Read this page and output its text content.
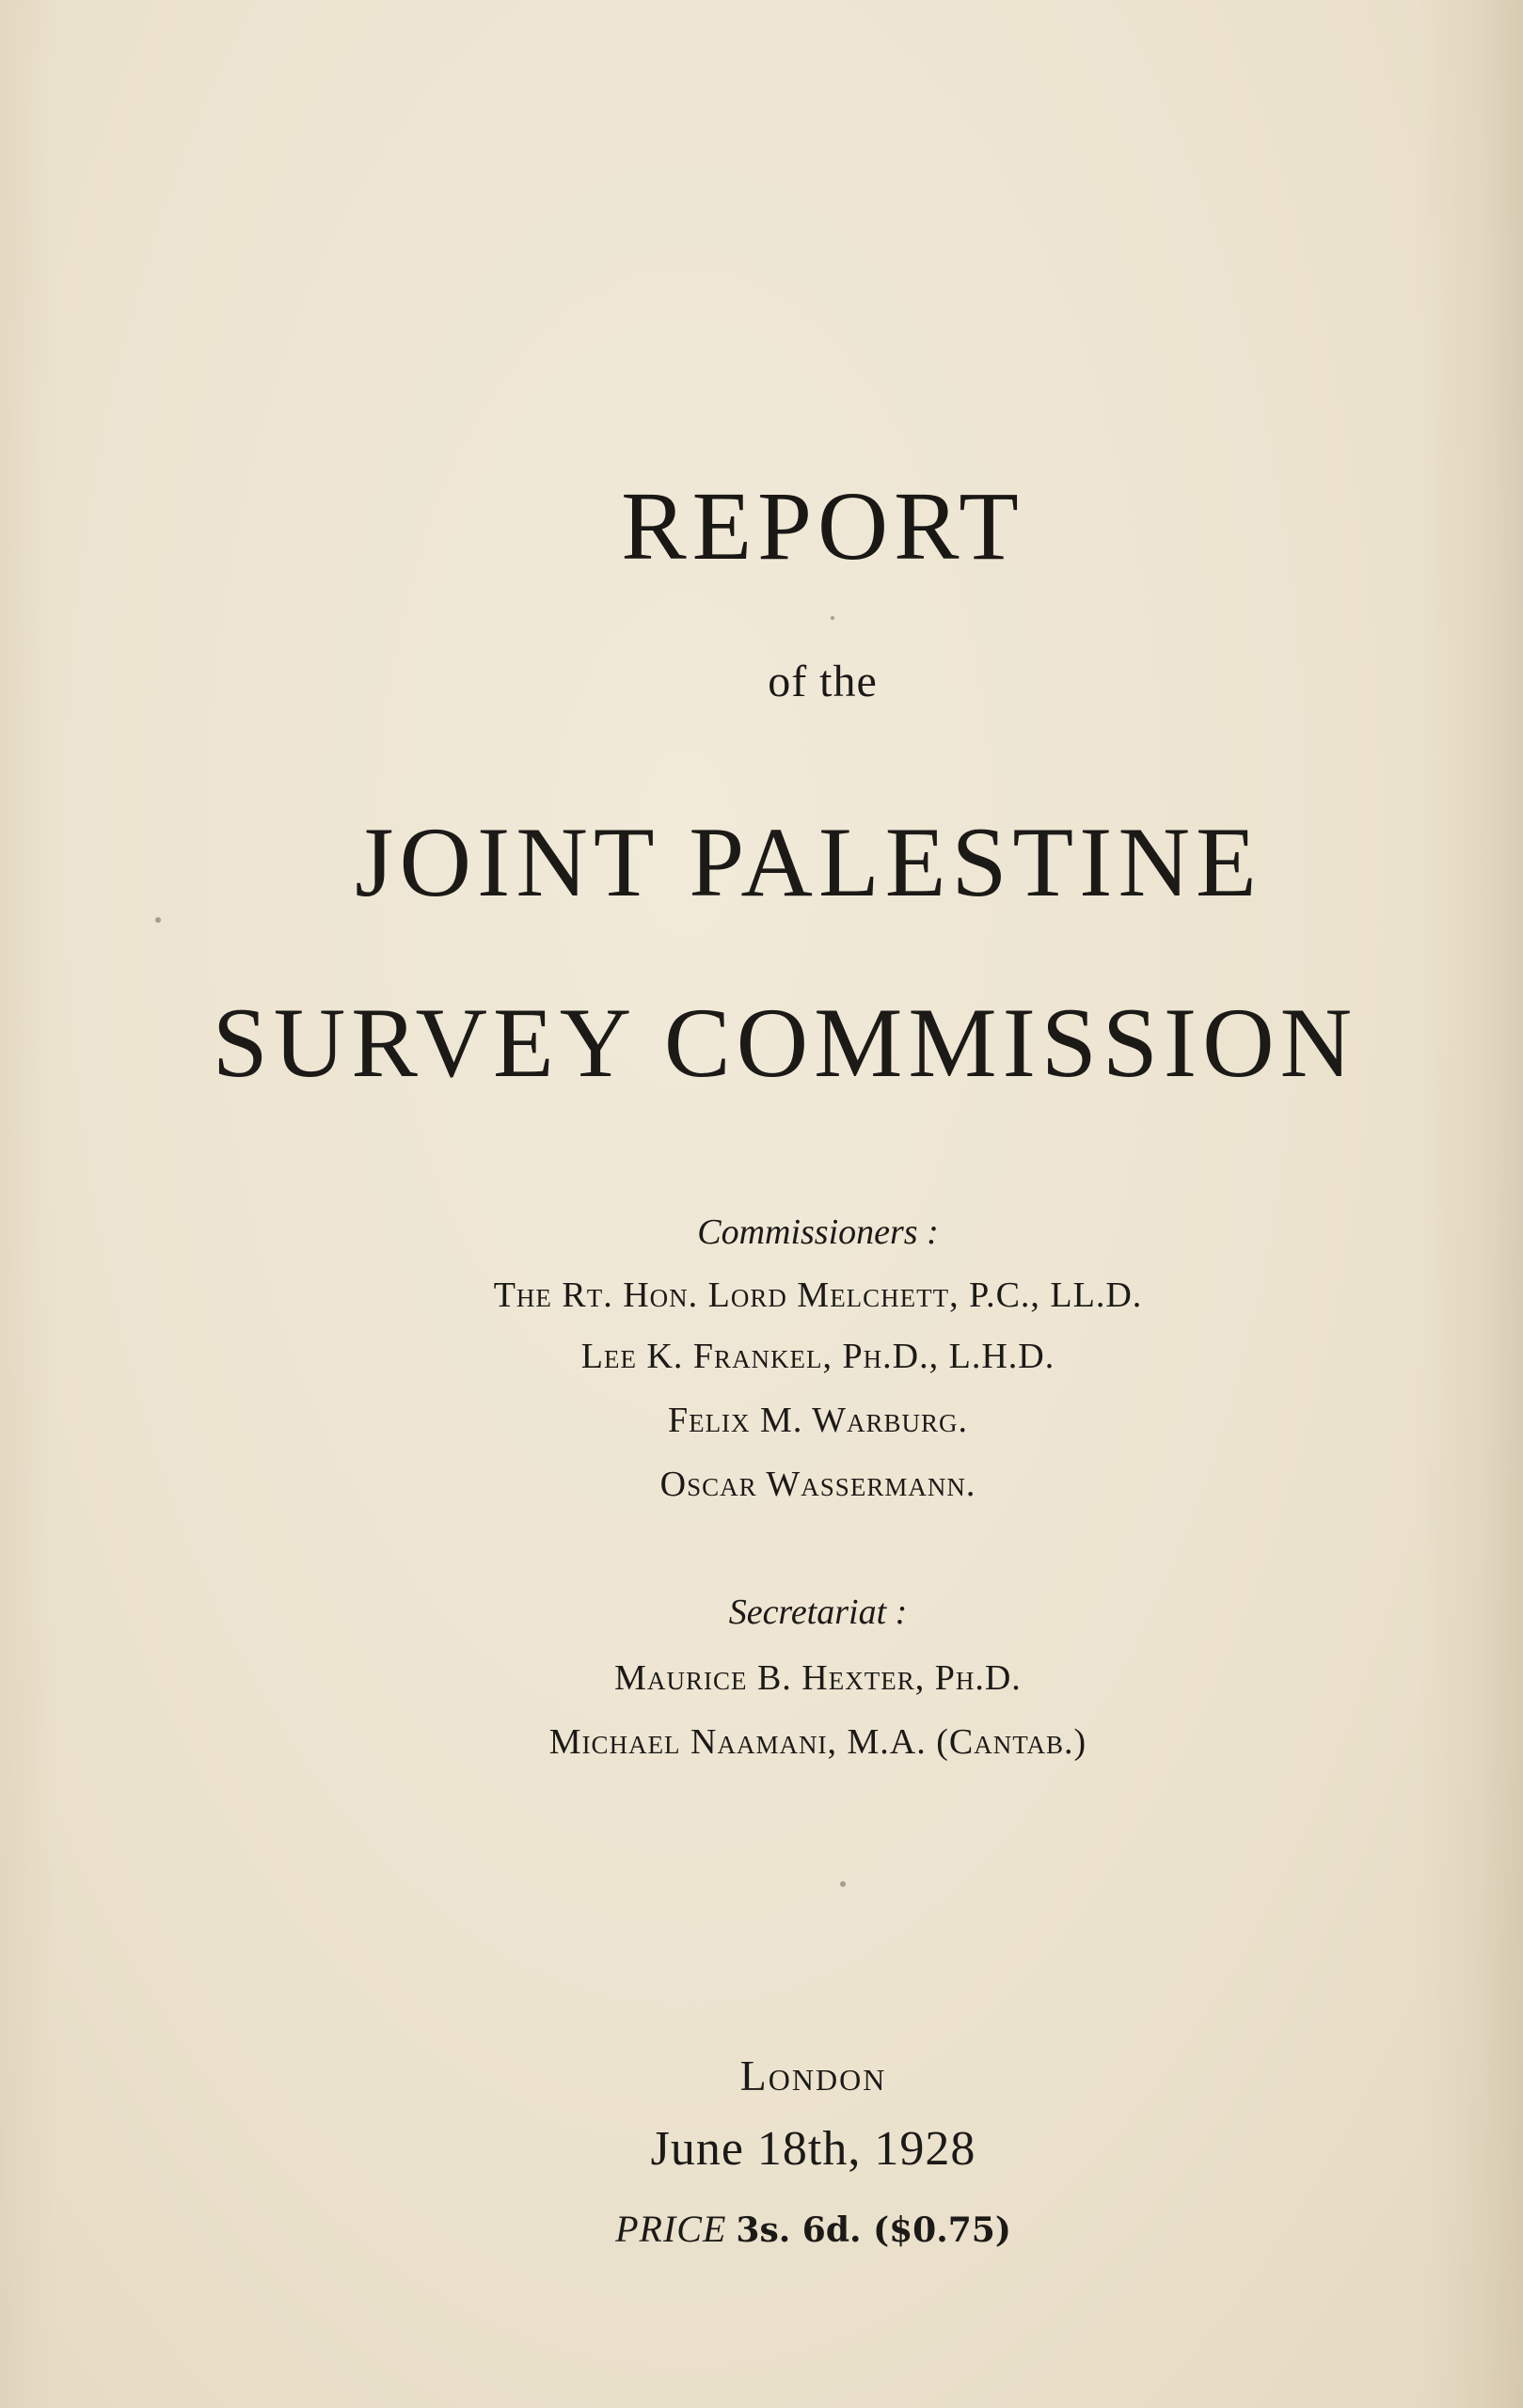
REPORT
of the
JOINT PALESTINE
SURVEY COMMISSION
Commissioners :
The Rt. Hon. Lord Melchett, P.C., LL.D.
Lee K. Frankel, Ph.D., L.H.D.
Felix M. Warburg.
Oscar Wassermann.
Secretariat :
Maurice B. Hexter, Ph.D.
Michael Naamani, M.A. (Cantab.)
London
June 18th, 1928
PRICE 3s. 6d. ($0.75)
